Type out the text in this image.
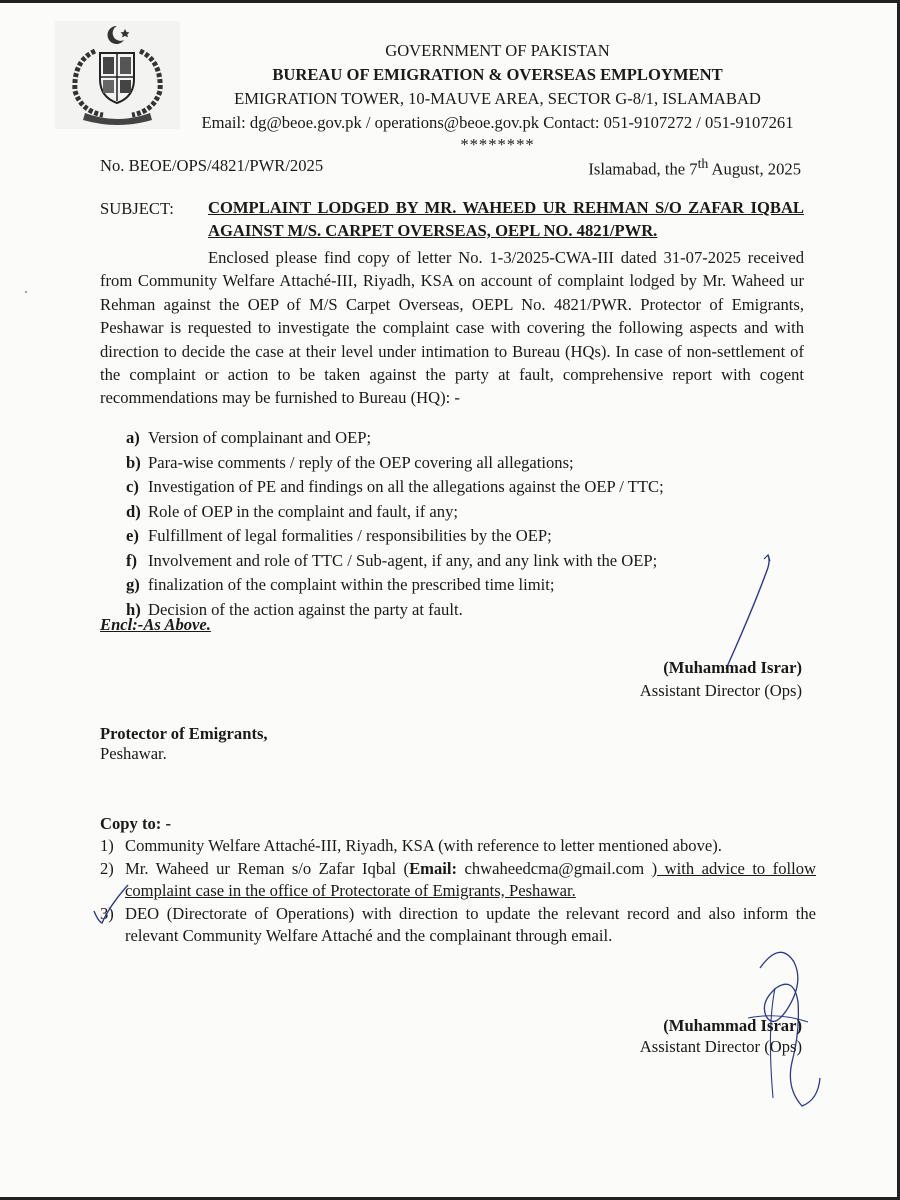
GOVERNMENT OF PAKISTAN
BUREAU OF EMIGRATION & OVERSEAS EMPLOYMENT
EMIGRATION TOWER, 10-MAUVE AREA, SECTOR G-8/1, ISLAMABAD
Email: dg@beoe.gov.pk / operations@beoe.gov.pk Contact: 051-9107272 / 051-9107261
********
No. BEOE/OPS/4821/PWR/2025	Islamabad, the 7th August, 2025
SUBJECT: COMPLAINT LODGED BY MR. WAHEED UR REHMAN S/O ZAFAR IQBAL AGAINST M/S. CARPET OVERSEAS, OEPL NO. 4821/PWR.
Enclosed please find copy of letter No. 1-3/2025-CWA-III dated 31-07-2025 received from Community Welfare Attaché-III, Riyadh, KSA on account of complaint lodged by Mr. Waheed ur Rehman against the OEP of M/S Carpet Overseas, OEPL No. 4821/PWR. Protector of Emigrants, Peshawar is requested to investigate the complaint case with covering the following aspects and with direction to decide the case at their level under intimation to Bureau (HQs). In case of non-settlement of the complaint or action to be taken against the party at fault, comprehensive report with cogent recommendations may be furnished to Bureau (HQ): -
a) Version of complainant and OEP;
b) Para-wise comments / reply of the OEP covering all allegations;
c) Investigation of PE and findings on all the allegations against the OEP / TTC;
d) Role of OEP in the complaint and fault, if any;
e) Fulfillment of legal formalities / responsibilities by the OEP;
f) Involvement and role of TTC / Sub-agent, if any, and any link with the OEP;
g) finalization of the complaint within the prescribed time limit;
h) Decision of the action against the party at fault.
Encl:-As Above.
(Muhammad Israr)
Assistant Director (Ops)
Protector of Emigrants,
Peshawar.
Copy to: -
1) Community Welfare Attaché-III, Riyadh, KSA (with reference to letter mentioned above).
2) Mr. Waheed ur Reman s/o Zafar Iqbal (Email: chwaheedcma@gmail.com ) with advice to follow complaint case in the office of Protectorate of Emigrants, Peshawar.
3) DEO (Directorate of Operations) with direction to update the relevant record and also inform the relevant Community Welfare Attaché and the complainant through email.
(Muhammad Israr)
Assistant Director (Ops)
